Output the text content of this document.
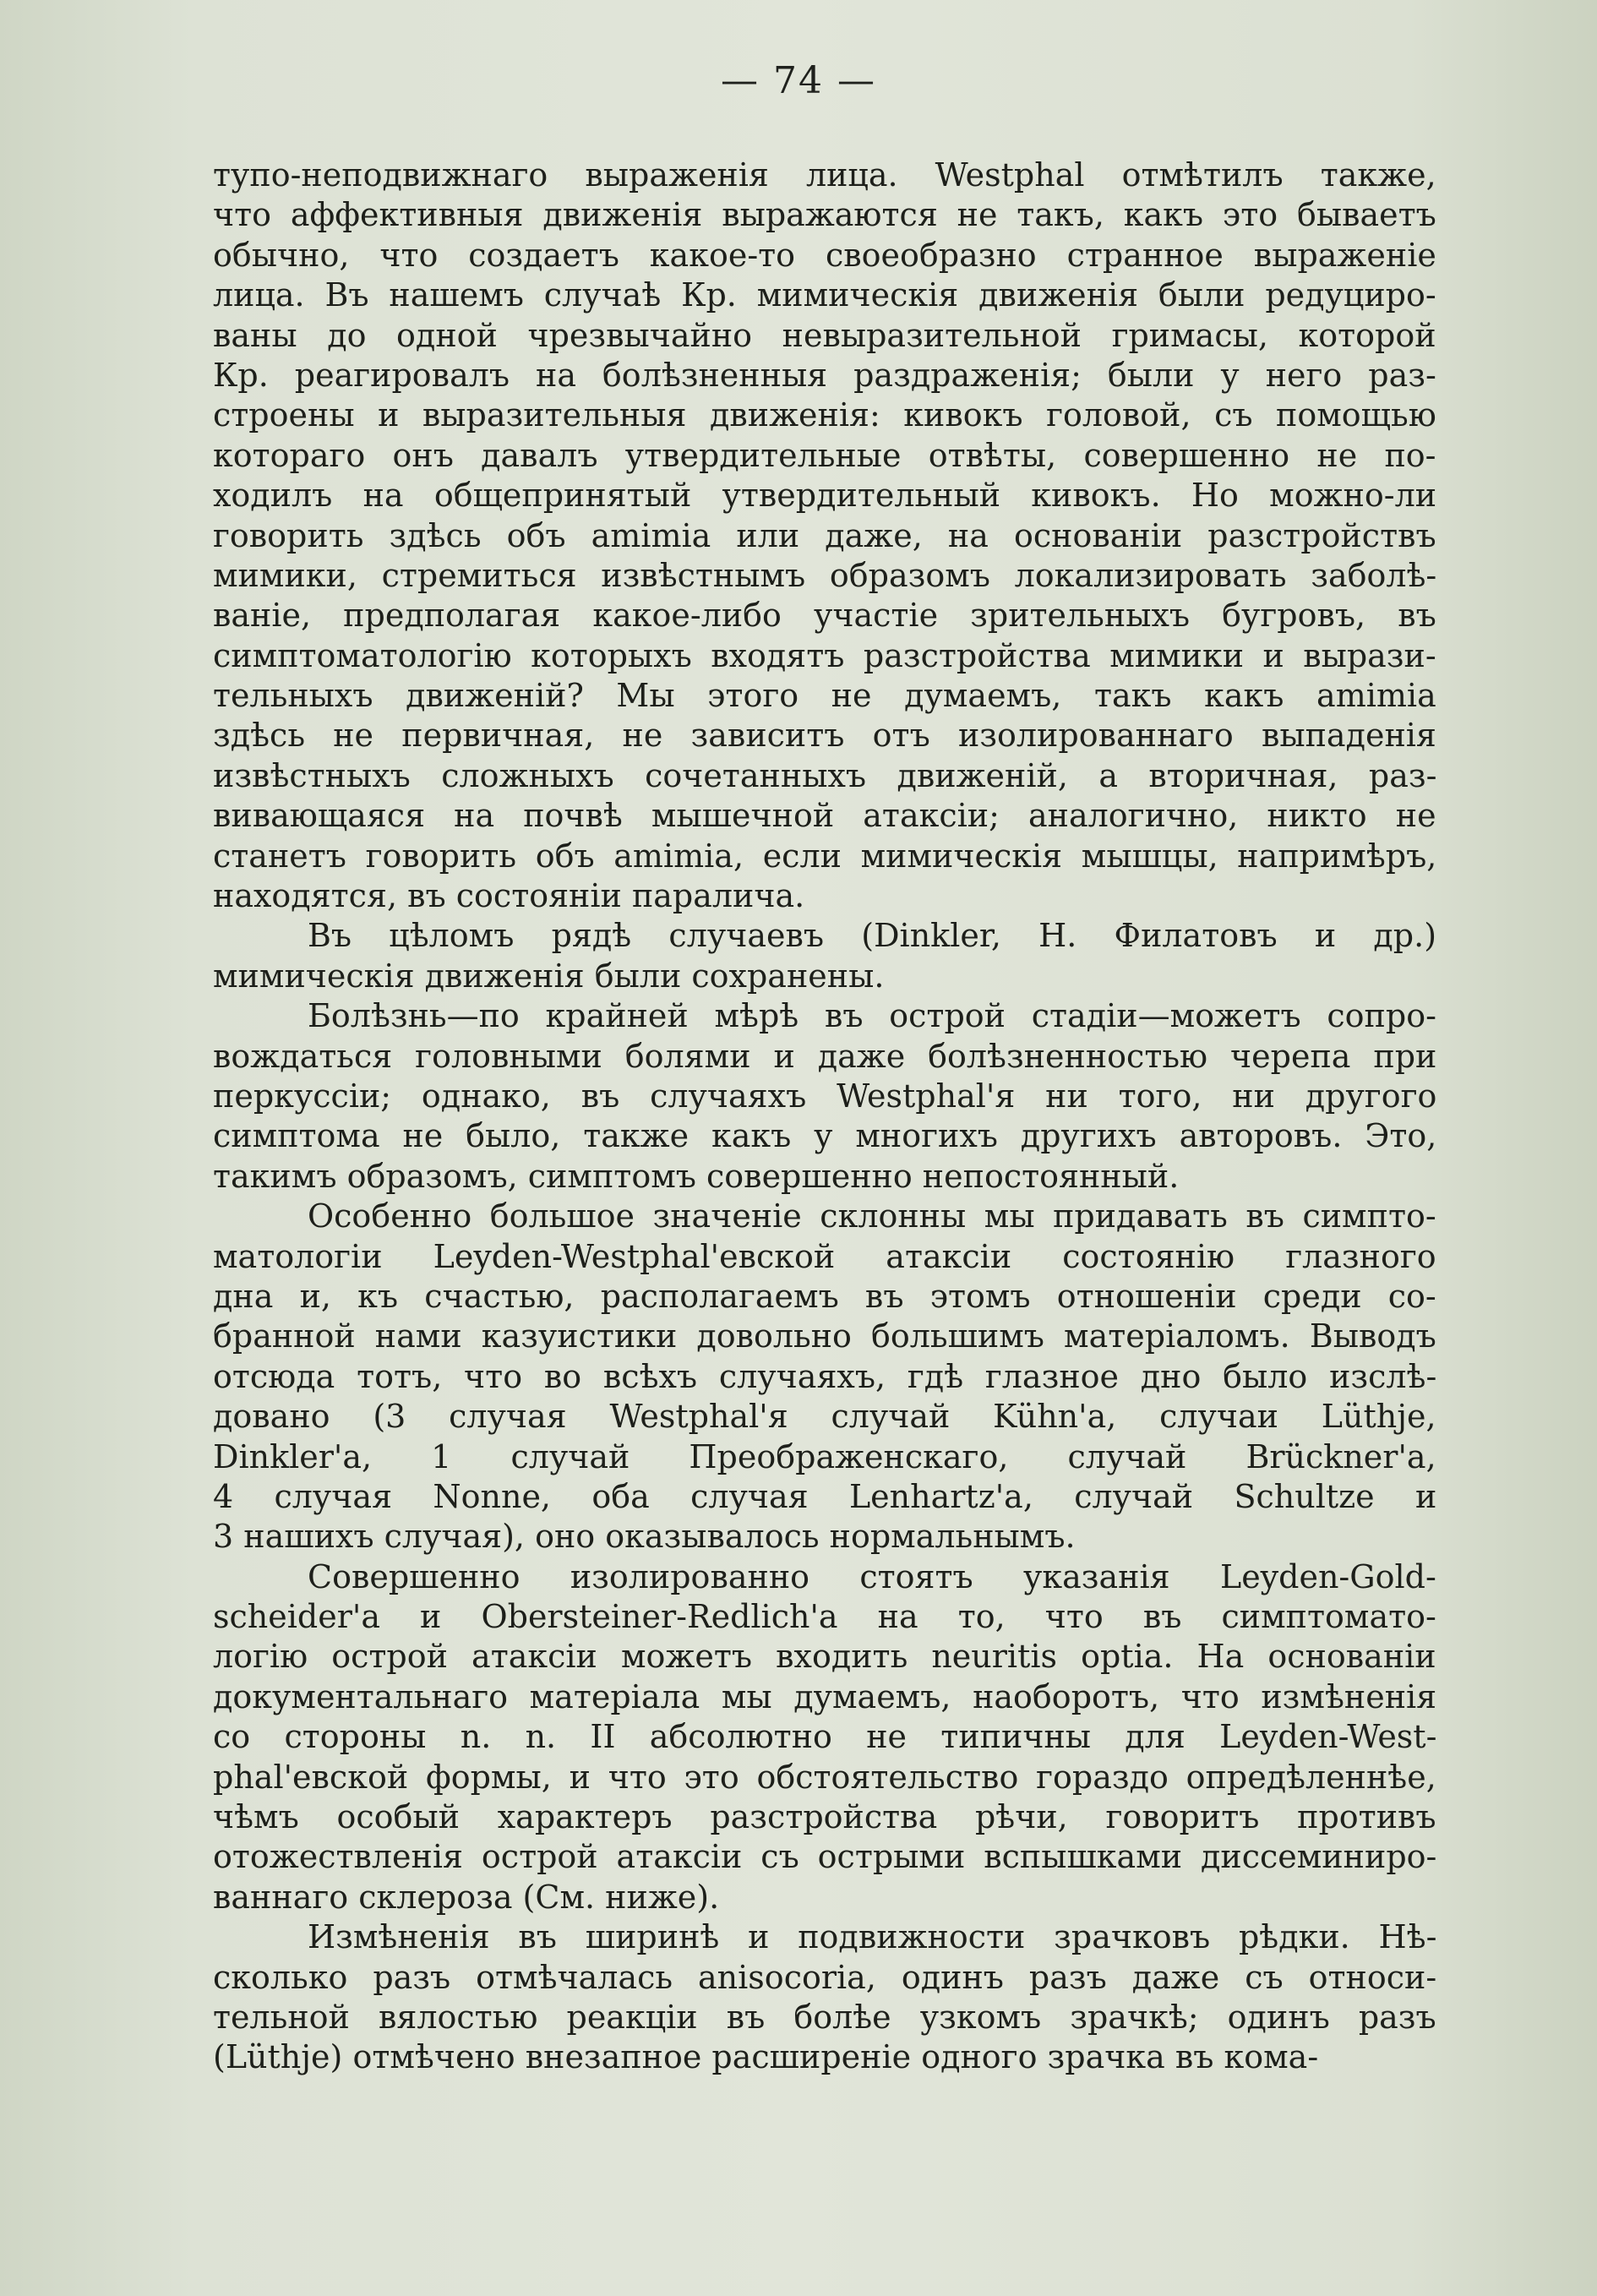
— 74 —
тупо-неподвижнаго выраженія лица. Westphal отмѣтилъ также,
что аффективныя движенія выражаются не такъ, какъ это бываетъ
обычно, что создаетъ какое-то своеобразно странное выраженіе
лица. Въ нашемъ случаѣ Кр. мимическія движенія были редуциро-
ваны до одной чрезвычайно невыразительной гримасы, которой
Кр. реагировалъ на болѣзненныя раздраженія; были у него раз-
строены и выразительныя движенія: кивокъ головой, съ помощью
котораго онъ давалъ утвердительные отвѣты, совершенно не по-
ходилъ на общепринятый утвердительный кивокъ. Но можно-ли
говорить здѣсь объ amimia или даже, на основаніи разстройствъ
мимики, стремиться извѣстнымъ образомъ локализировать заболѣ-
ваніе, предполагая какое-либо участіе зрительныхъ бугровъ, въ
симптоматологію которыхъ входятъ разстройства мимики и вырази-
тельныхъ движеній? Мы этого не думаемъ, такъ какъ amimia
здѣсь не первичная, не зависитъ отъ изолированнаго выпаденія
извѣстныхъ сложныхъ сочетанныхъ движеній, а вторичная, раз-
вивающаяся на почвѣ мышечной атаксіи; аналогично, никто не
станетъ говорить объ amimia, если мимическія мышцы, напримѣръ,
находятся, въ состояніи паралича.
Въ цѣломъ рядѣ случаевъ (Dinkler, Н. Филатовъ и др.)
мимическія движенія были сохранены.
Болѣзнь—по крайней мѣрѣ въ острой стадіи—можетъ сопро-
вождаться головными болями и даже болѣзненностью черепа при
перкуссіи; однако, въ случаяхъ Westphal'я ни того, ни другого
симптома не было, также какъ у многихъ другихъ авторовъ. Это,
такимъ образомъ, симптомъ совершенно непостоянный.
Особенно большое значеніе склонны мы придавать въ симпто-
матологіи Leyden-Westphal'евской атаксіи состоянію глазного
дна и, къ счастью, располагаемъ въ этомъ отношеніи среди со-
бранной нами казуистики довольно большимъ матеріаломъ. Выводъ
отсюда тотъ, что во всѣхъ случаяхъ, гдѣ глазное дно было изслѣ-
довано (3 случая Westphal'я случай Kühn'а, случаи Lüthje,
Dinkler'а, 1 случай Преображенскаго, случай Brückner'а,
4 случая Nonne, оба случая Lenhartz'а, случай Schultze и
3 нашихъ случая), оно оказывалось нормальнымъ.
Совершенно изолированно стоятъ указанія Leyden-Gold-
scheider'а и Obersteiner-Redlich'а на то, что въ симптомато-
логію острой атаксіи можетъ входить neuritis optia. На основаніи
документальнаго матеріала мы думаемъ, наоборотъ, что измѣненія
со стороны n. n. II абсолютно не типичны для Leyden-West-
phal'евской формы, и что это обстоятельство гораздо опредѣленнѣе,
чѣмъ особый характеръ разстройства рѣчи, говоритъ противъ
отожествленія острой атаксіи съ острыми вспышками диссеминиро-
ваннаго склероза (См. ниже).
Измѣненія въ ширинѣ и подвижности зрачковъ рѣдки. Нѣ-
сколько разъ отмѣчалась anisocoria, одинъ разъ даже съ относи-
тельной вялостью реакціи въ болѣе узкомъ зрачкѣ; одинъ разъ
(Lüthje) отмѣчено внезапное расширеніе одного зрачка въ кома-
